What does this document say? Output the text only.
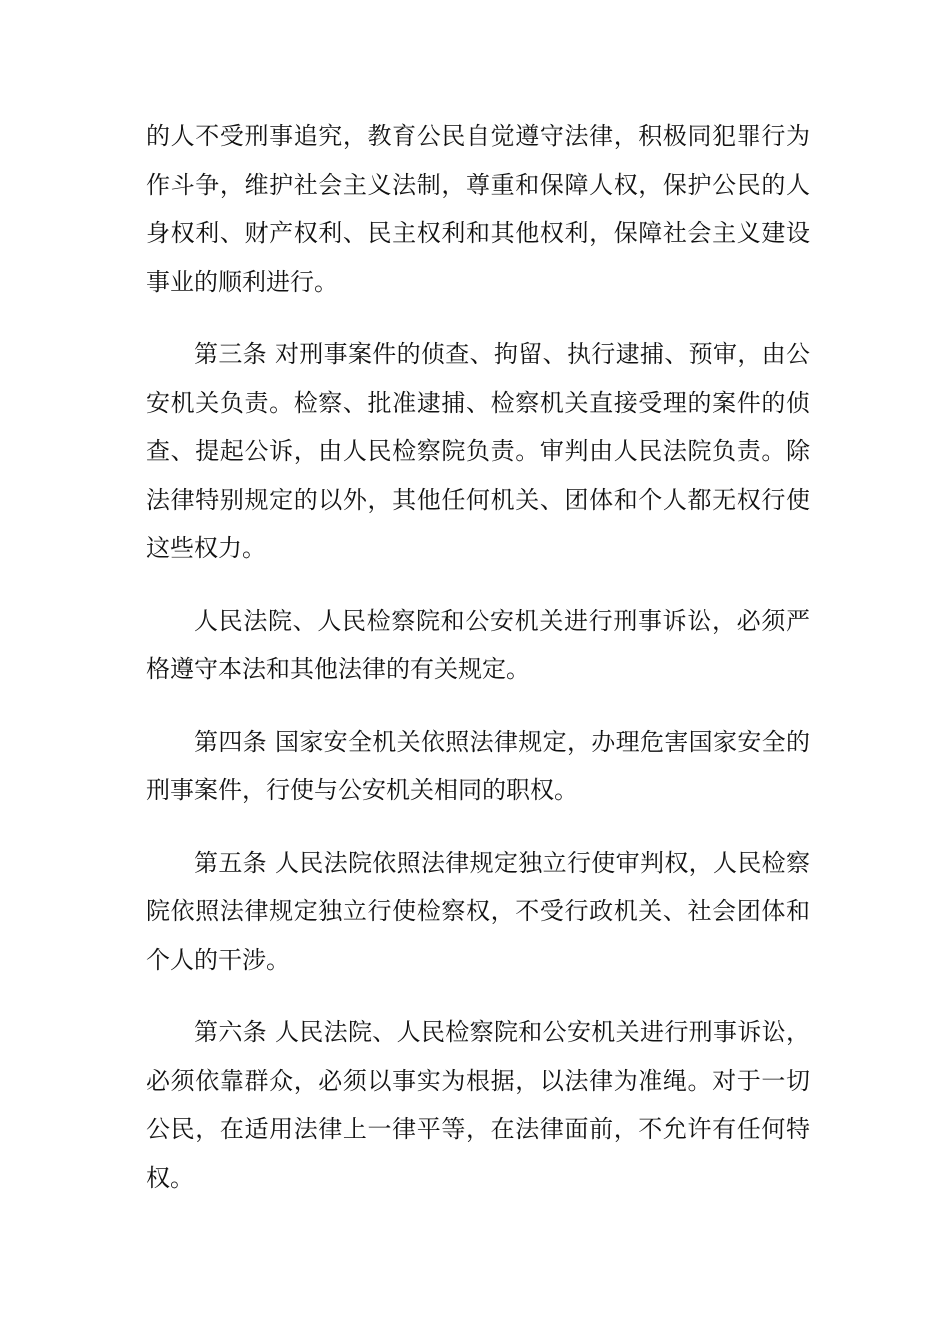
的人不受刑事追究，教育公民自觉遵守法律，积极同犯罪行为作斗争，维护社会主义法制，尊重和保障人权，保护公民的人身权利、财产权利、民主权利和其他权利，保障社会主义建设事业的顺利进行。

第三条 对刑事案件的侦查、拘留、执行逮捕、预审，由公安机关负责。检察、批准逮捕、检察机关直接受理的案件的侦查、提起公诉，由人民检察院负责。审判由人民法院负责。除法律特别规定的以外，其他任何机关、团体和个人都无权行使这些权力。

人民法院、人民检察院和公安机关进行刑事诉讼，必须严格遵守本法和其他法律的有关规定。

第四条 国家安全机关依照法律规定，办理危害国家安全的刑事案件，行使与公安机关相同的职权。

第五条 人民法院依照法律规定独立行使审判权，人民检察院依照法律规定独立行使检察权，不受行政机关、社会团体和个人的干涉。

第六条 人民法院、人民检察院和公安机关进行刑事诉讼，必须依靠群众，必须以事实为根据，以法律为准绳。对于一切公民，在适用法律上一律平等，在法律面前，不允许有任何特权。
